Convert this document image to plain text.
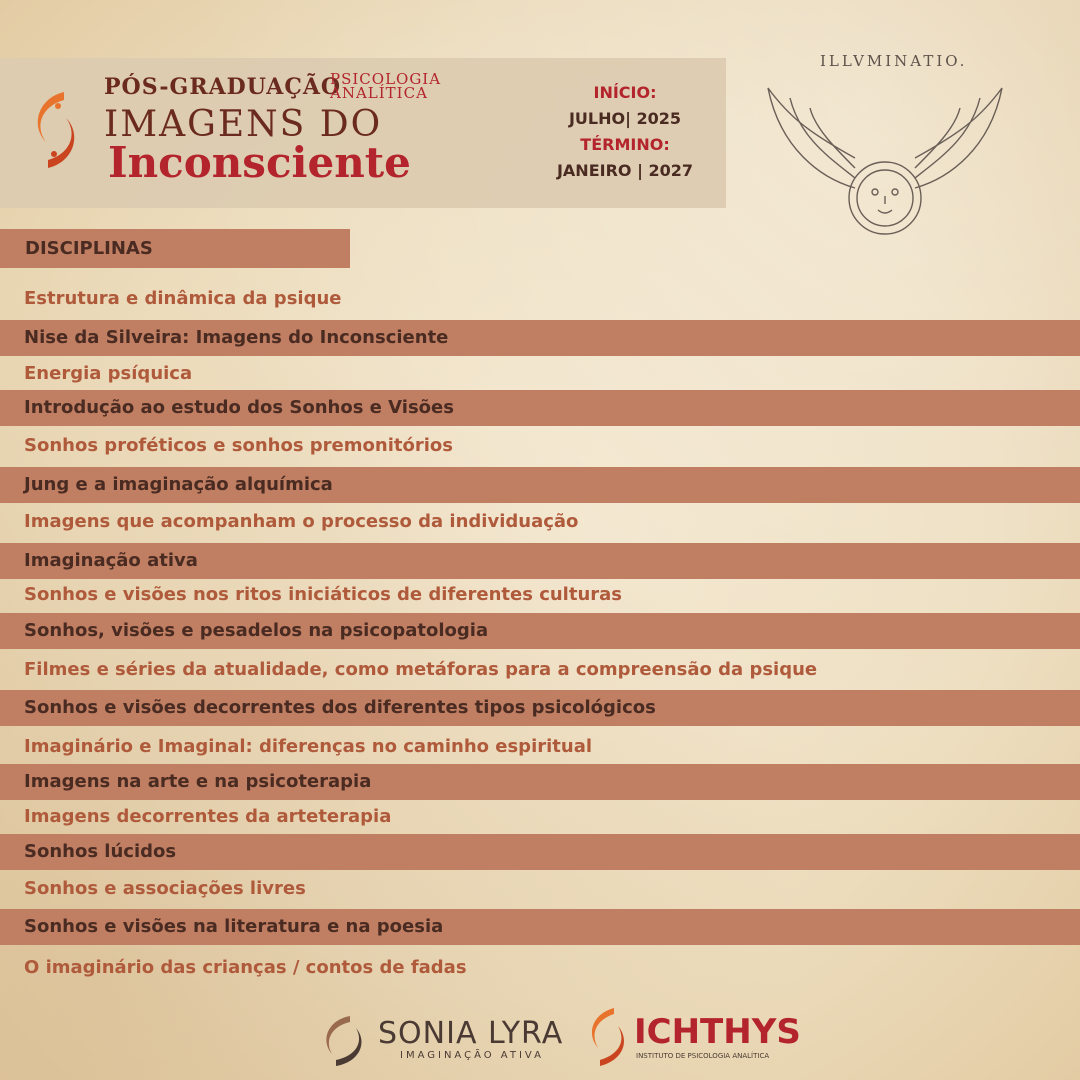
PÓS-GRADUAÇÃO
PSICOLOGIA
ANALÍTICA
IMAGENS DO
Inconsciente
INÍCIO:
JULHO| 2025
TÉRMINO:
JANEIRO | 2027
ILLVMINATIO.
DISCIPLINAS
Estrutura e dinâmica da psique
Nise da Silveira: Imagens do Inconsciente
Energia psíquica
Introdução ao estudo dos Sonhos e Visões
Sonhos proféticos e sonhos premonitórios
Jung e a imaginação alquímica
Imagens que acompanham o processo da individuação
Imaginação ativa
Sonhos e visões nos ritos iniciáticos de diferentes culturas
Sonhos, visões e pesadelos na psicopatologia
Filmes e séries da atualidade, como metáforas para a compreensão da psique
Sonhos e visões decorrentes dos diferentes tipos psicológicos
Imaginário e Imaginal: diferenças no caminho espiritual
Imagens na arte e na psicoterapia
Imagens decorrentes da arteterapia
Sonhos lúcidos
Sonhos e associações livres
Sonhos e visões na literatura e na poesia
O imaginário das crianças / contos de fadas
SONIA LYRA
IMAGINAÇÃO ATIVA
ICHTHYS
INSTITUTO DE PSICOLOGIA ANALÍTICA
